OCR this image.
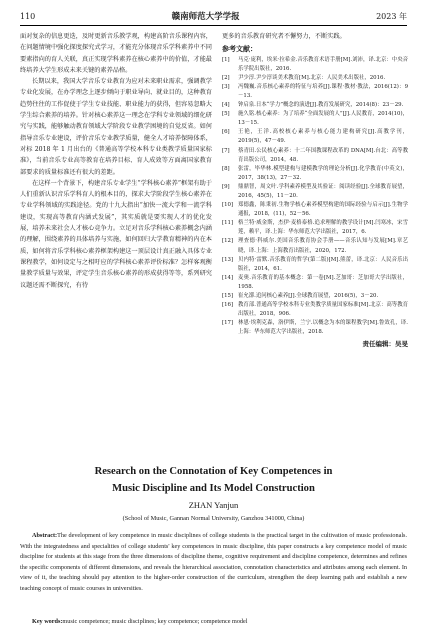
110	赣南师范大学学报	2023 年

面对复杂的信息更迭，及时更新音乐教学观，构建高阶音乐课程内容，在问题情境中强化探度探究式学习，才能充分体现音乐学科素养中不同要素指向的育人关联，真正实现学科素养在核心素养中的价值，才能最终培养大学生形成未来关键的素养品格。

长期以来，我国大学音乐专业教育为应对未来职业需求，强调教学专业化发展，在办学理念上逐步倾向于职业导向、就业目的，这种教育趋势往往的工作促使于学生专业技能、职业能力的获得，但容易忽略大学生综合素养的培养。针对核心素养这一理念在学科专业领域的细化研究与实践，能够触动教育领域大学阶段专业教学困境的自觉反省。如何指导音乐专业建设，评价音乐专业教学质量，健全人才培养保障体系，对标 2018 年 1 月出台的《普通高等学校本科专业类教学质量国家标准》，当前音乐专业高等教育在培养目标、育人成效等方面离国家教育部要求的质量标准还有很大的差距。

在这样一个背景下，构建音乐专业学生“学科核心素养”框架有助于人们重新认识音乐学科育人的根本目的，探求大学阶段学生核心素养在专业学科领域的实践途径。党的十九大指出“加快一流大学和一流学科建设，实现高等教育内涵式发展”，其实质就是要实现人才的优化发展，培养未来社会人才核心竞争力。立足对音乐学科核心素养概念内涵的理解，围绕素养的具体培养与实施，如何回归大学教育精神的内在本质，如何将音乐学科核心素养框架构建这一顶层设计真正融入具体专业课程教学，如何设定与之相吁应的学科核心素养评价标准？怎样客观衡量教学质量与效果，评定学生音乐核心素养的形成获得等等，系列研究议题还需不断探究，有待

更多的音乐教育研究者不懈努力，不断实践。

参考文献：
[1]	马克·庞利，埃米·拉希金.音乐教育术语手册[M].刘沛，译.北京：中央音乐学院出版社，2016.
[2]	尹少淳.尹少淳谈美术教育[M].北京：人民美术出版社，2016.
[3]	冯魏巍.音乐核心素养的特征与培养[J].课程·教材·教法，2016(12)：9－13.
[4]	钟启泉.日本“学力”概念的演进[J].教育发展研究，2014(8)：23－29.
[5]	施久铭.核心素养：为了培养“全面发展的人”[J].人民教育，2014(10)，13－15.
[6]	王艳，王洋.高校核心素养与核心能力建构研究[J].高教学刊，2019(5)，47－49.
[7]	蔡青田.公民核心素养：十二年国教课程改革的 DNA[M].台北：高等教育出版公司，2014，48.
[8]	张雷，毕华林.模型建构与建模教学的理论分析[J].化学教育(中英文)，2017，38(13)，27－32.
[9]	鼎鼎智，周文叶.学科素养模型及其验证：阅读经验[J].全球教育展望，2016，45(5)，11－20.
[10] 郑德鑫，陈秉初.生物学核心素养模型构建的国际经验与启示[J].生物学通报，2018，(11)，52－56.
[11] 格兰特·威金斯，杰伊·麦格泰格.追求理解的教学设计[M].闫寒冰，宋雪莲，赖平，译.上海：华东师范大学出版社，2017，6.
[12] 理查德·科威尔.美国音乐教育协会手册——音乐认知与发展[M].章艺晓，译.上海：上海教育出版社，2020，172.
[13] 贝内特·雷默.音乐教育的哲学(第二版)[M].熊蕾，译.北京：人民音乐出版社，2014，61.
[14] 麦奥.音乐教育的基本概念：第一卷[M].芝加哥：芝加哥大学出版社，1958.
[15] 崔允漷.追问核心素养[J].全球教育展望，2016(5)，3－20.
[16] 教育部.普通高等学校本科专业类教学质量国家标准[M].北京：高等教育出版社，2018，906.
[17] 林恩·埃利克森，洛伊斯，兰宁.以概念为本的课程教学[M].鲁效孔，译.上海：华东师范大学出版社，2018.
责任编辑：吴旻
Research on the Connotation of Key Competences in
Music Discipline and Its Model Construction
ZHAN Yanjun
(School of Music, Gannan Normal University, Ganzhou 341000, China)
Abstract:The development of key competence in music disciplines of college students is the practical target in the cultivation of music professionals. With the integratedness and specialities of college students' key competences in music discipline, this paper constructs a key competence model of music discipline for students at this stage from the three dimensions of discipline theme, cognitive requirement and discipline competence, determines and refines the specific components of different dimensions, and reveals the hierarchical association, connotation characteristics and attributes among each element. In view of it, the teaching should pay attention to the higher-order construction of the curriculum, strengthen the deep learning path and establish a new teaching concept of music courses in universities.
Key words:music competence; music disciplines; key competence; competence model
